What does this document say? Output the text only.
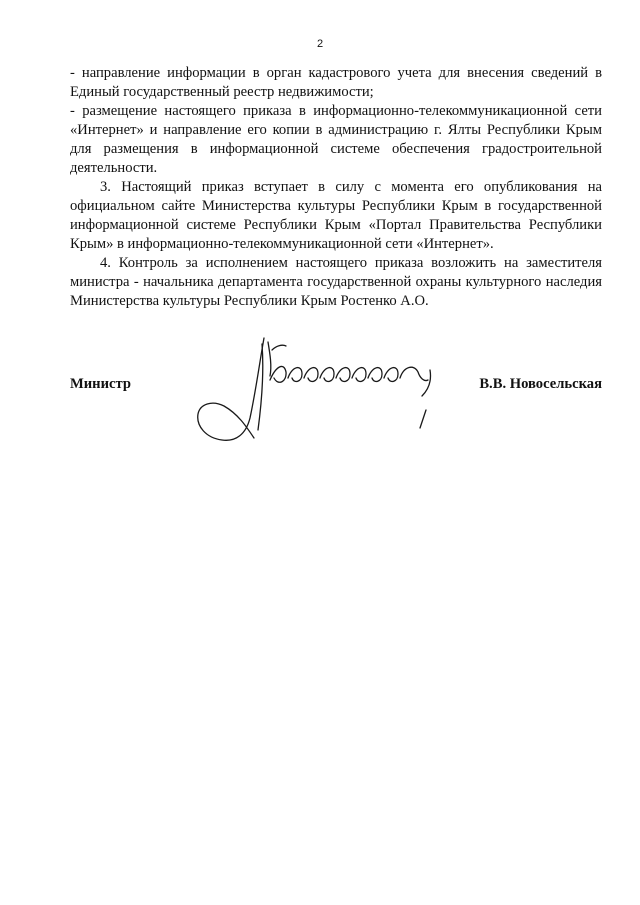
2

- направление информации в орган кадастрового учета для внесения сведений в Единый государственный реестр недвижимости;

- размещение настоящего приказа в информационно-телекоммуникационной сети «Интернет» и направление его копии в администрацию г. Ялты Республики Крым для размещения в информационной системе обеспечения градостроительной деятельности.

3. Настоящий приказ вступает в силу с момента его опубликования на официальном сайте Министерства культуры Республики Крым в государственной информационной системе Республики Крым «Портал Правительства Республики Крым» в информационно-телекоммуникационной сети «Интернет».

4. Контроль за исполнением настоящего приказа возложить на заместителя министра - начальника департамента государственной охраны культурного наследия Министерства культуры Республики Крым Ростенко А.О.

Министр	В.В. Новосельская
